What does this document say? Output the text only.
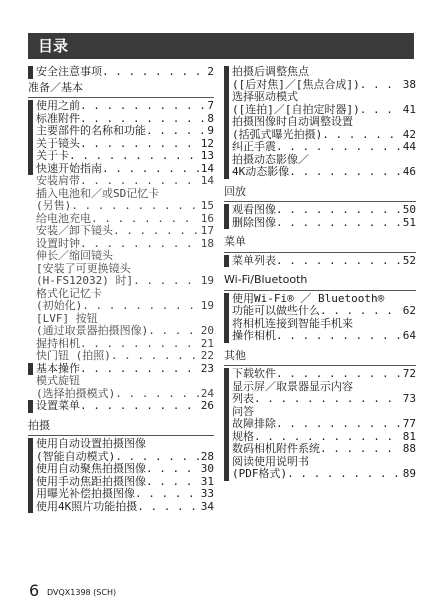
目录
安全注意事项 . . .	2
准备／基本
使用之前 . . .	7
标准附件 . . .	8
主要部件的名称和功能 . . .	9
关于镜头 . . .	12
关于卡 . . .	13
快速开始指南 . . .	14
安装肩带 . . .	14
插入电池和／或SD记忆卡
(另售) . . .	15
给电池充电 . . .	16
安装／卸下镜头 . . .	17
设置时钟 . . .	18
伸长／缩回镜头
[安装了可更换镜头
(H-FS12032) 时] . . .	19
格式化记忆卡
(初始化) . . .	19
[LVF] 按钮
(通过取景器拍摄图像) . . .	20
握持相机 . . .	21
快门钮 (拍照) . . .	22
基本操作 . . .	23
模式旋钮
(选择拍摄模式) . . .	24
设置菜单 . . .	26
拍摄
使用自动设置拍摄图像
(智能自动模式) . . .	28
使用自动聚焦拍摄图像 . . .	30
使用手动焦距拍摄图像 . . .	31
用曝光补偿拍摄图像 . . .	33
使用4K照片功能拍摄 . . .	34
拍摄后调整焦点
([后对焦]／[焦点合成]) . . .	38
选择驱动模式
([连拍]／[自拍定时器]) . . .	41
拍摄图像时自动调整设置
(括弧式曝光拍摄) . . .	42
纠正手震 . . .	44
拍摄动态影像／
4K动态影像 . . .	46
回放
观看图像 . . .	50
删除图像 . . .	51
菜单
菜单列表 . . .	52
Wi-Fi/Bluetooth
使用Wi-Fi® ／ Bluetooth®
功能可以做些什么 . . .	62
将相机连接到智能手机来
操作相机 . . .	64
其他
下载软件 . . .	72
显示屏／取景器显示内容
列表 . . .	73
问答
故障排除 . . .	77
规格 . . .	81
数码相机附件系统 . . .	88
阅读使用说明书
(PDF格式) . . .	89
6 DVQX1398 (SCH)
